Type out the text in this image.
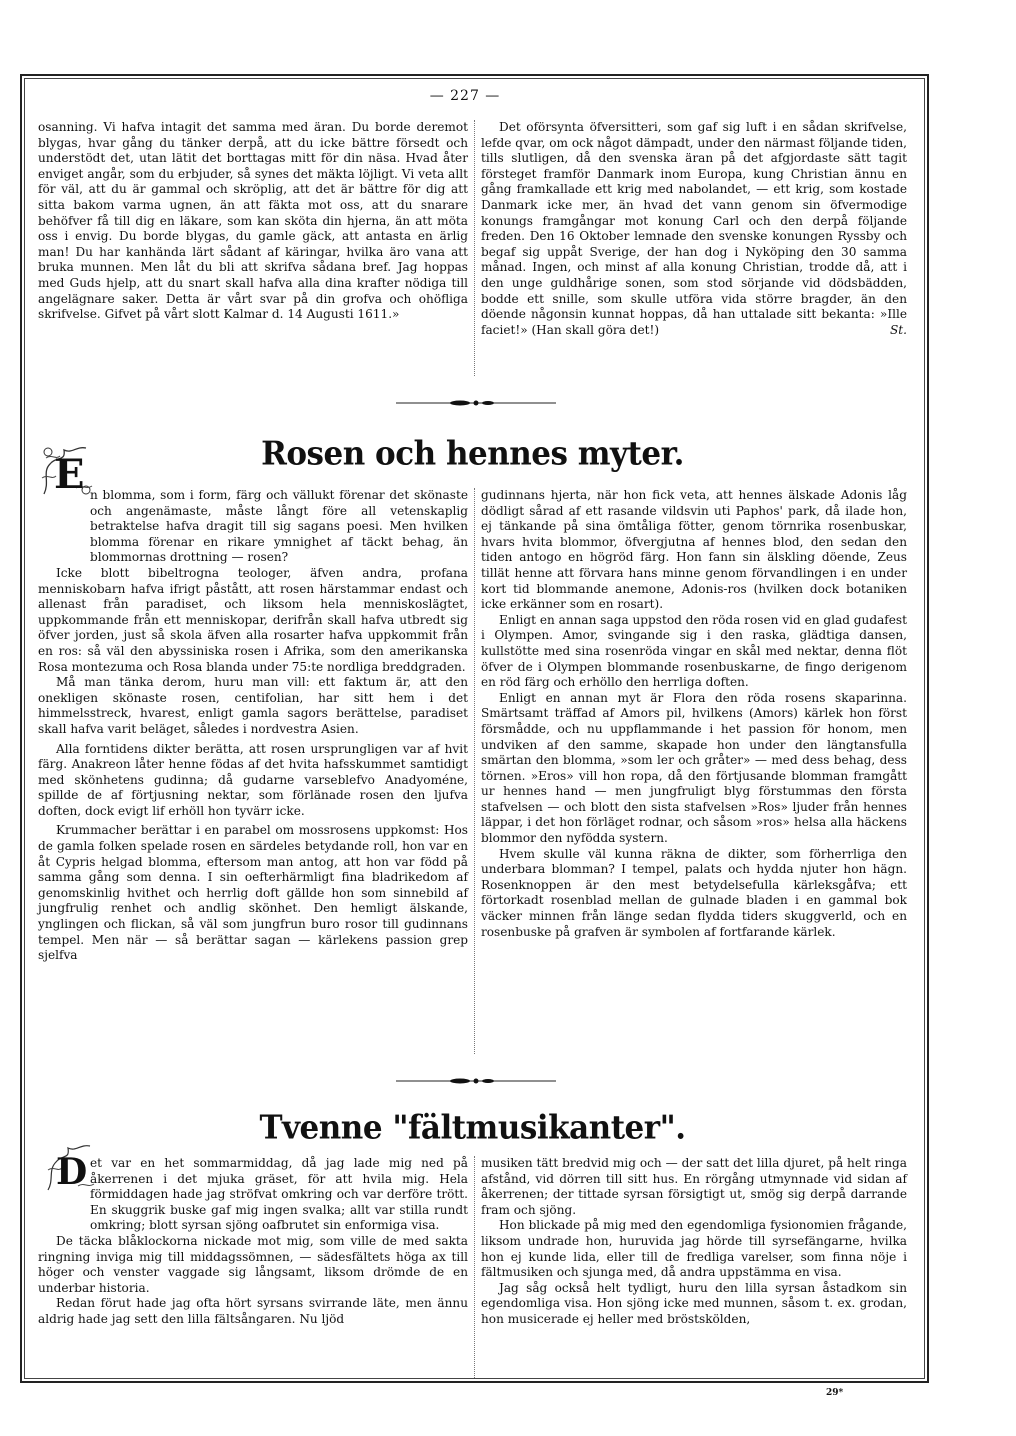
— 227 —

osanning. Vi hafva intagit det samma med äran. Du borde deremot blygas, hvar gång du tänker derpå, att du icke bättre försedt och understödt det, utan lätit det borttagas mitt för din näsa. Hvad åter enviget angår, som du erbjuder, så synes det mäkta löjligt. Vi veta allt för väl, att du är gammal och skröplig, att det är bättre för dig att sitta bakom varma ugnen, än att fäkta mot oss, att du snarare behöfver få till dig en läkare, som kan sköta din hjerna, än att möta oss i envig. Du borde blygas, du gamle gäck, att antasta en ärlig man! Du har kanhända lärt sådant af käringar, hvilka äro vana att bruka munnen. Men låt du bli att skrifva sådana bref. Jag hoppas med Guds hjelp, att du snart skall hafva alla dina krafter nödiga till angelägnare saker. Detta är vårt svar på din grofva och ohöfliga skrifvelse. Gifvet på vårt slott Kalmar d. 14 Augusti 1611.»

Det oförsynta öfversitteri, som gaf sig luft i en sådan skrifvelse, lefde qvar, om ock något dämpadt, under den närmast följande tiden, tills slutligen, då den svenska äran på det afgjordaste sätt tagit försteget framför Danmark inom Europa, kung Christian ännu en gång framkallade ett krig med nabolandet, — ett krig, som kostade Danmark icke mer, än hvad det vann genom sin öfvermodige konungs framgångar mot konung Carl och den derpå följande freden. Den 16 Oktober lemnade den svenske konungen Ryssby och begaf sig uppåt Sverige, der han dog i Nyköping den 30 samma månad. Ingen, och minst af alla konung Christian, trodde då, att i den unge guldhårige sonen, som stod sörjande vid dödsbädden, bodde ett snille, som skulle utföra vida större bragder, än den döende någonsin kunnat hoppas, då han uttalade sitt bekanta: »Ille faciet!» (Han skall göra det!)	St.
Rosen och hennes myter.
E n blomma, som i form, färg och vällukt förenar det skönaste och angenämaste, måste långt före all vetenskaplig betraktelse hafva dragit till sig sagans poesi. Men hvilken blomma förenar en rikare ymnighet af täckt behag, än blommornas drottning — rosen?

Icke blott bibeltrogna teologer, äfven andra, profana menniskobarn hafva ifrigt påstått, att rosen härstammar endast och allenast från paradiset, och liksom hela menniskoslägtet, uppkommande från ett menniskopar, derifrån skall hafva utbredt sig öfver jorden, just så skola äfven alla rosarter hafva uppkommit från en ros: så väl den abyssiniska rosen i Afrika, som den amerikanska Rosa montezuma och Rosa blanda under 75:te nordliga breddgraden.

Må man tänka derom, huru man vill: ett faktum är, att den onekligen skönaste rosen, centifolian, har sitt hem i det himmelsstreck, hvarest, enligt gamla sagors berättelse, paradiset skall hafva varit beläget, således i nordvestra Asien.

Alla forntidens dikter berätta, att rosen ursprungligen var af hvit färg. Anakreon låter henne födas af det hvita hafsskummet samtidigt med skönhetens gudinna; då gudarne varseblefvo Anadyoméne, spillde de af förtjusning nektar, som förlänade rosen den ljufva doften, dock evigt lif erhöll hon tyvärr icke.

Krummacher berättar i en parabel om mossrosens uppkomst: Hos de gamla folken spelade rosen en särdeles betydande roll, hon var en åt Cypris helgad blomma, eftersom man antog, att hon var född på samma gång som denna. I sin oefterhärmligt fina bladrikedom af genomskinlig hvithet och herrlig doft gällde hon som sinnebild af jungfrulig renhet och andlig skönhet. Den hemligt älskande, ynglingen och flickan, så väl som jungfrun buro rosor till gudinnans tempel. Men när — så berättar sagan — kärlekens passion grep sjelfva

gudinnans hjerta, när hon fick veta, att hennes älskade Adonis låg dödligt sårad af ett rasande vildsvin uti Paphos' park, då ilade hon, ej tänkande på sina ömtåliga fötter, genom törnrika rosenbuskar, hvars hvita blommor, öfvergjutna af hennes blod, den sedan den tiden antogo en högröd färg. Hon fann sin älskling döende, Zeus tillät henne att förvara hans minne genom förvandlingen i en under kort tid blommande anemone, Adonis-ros (hvilken dock botaniken icke erkänner som en rosart).

Enligt en annan saga uppstod den röda rosen vid en glad gudafest i Olympen. Amor, svingande sig i den raska, glädtiga dansen, kullstötte med sina rosenröda vingar en skål med nektar, denna flöt öfver de i Olympen blommande rosenbuskarne, de fingo derigenom en röd färg och erhöllo den herrliga doften.

Enligt en annan myt är Flora den röda rosens skaparinna. Smärtsamt träffad af Amors pil, hvilkens (Amors) kärlek hon först försmådde, och nu uppflammande i het passion för honom, men undviken af den samme, skapade hon under den längtansfulla smärtan den blomma, »som ler och gråter» — med dess behag, dess törnen. »Eros» vill hon ropa, då den förtjusande blomman framgått ur hennes hand — men jungfruligt blyg förstummas den första stafvelsen — och blott den sista stafvelsen »Ros» ljuder från hennes läppar, i det hon förläget rodnar, och såsom »ros» helsa alla häckens blommor den nyfödda systern.

Hvem skulle väl kunna räkna de dikter, som förherrliga den underbara blomman? I tempel, palats och hydda njuter hon hägn. Rosenknoppen är den mest betydelsefulla kärleksgåfva; ett förtorkadt rosenblad mellan de gulnade bladen i en gammal bok väcker minnen från länge sedan flydda tiders skuggverld, och en rosenbuske på grafven är symbolen af fortfarande kärlek.

Tvenne "fältmusikanter".
D et var en het sommarmiddag, då jag lade mig ned på åkerrenen i det mjuka gräset, för att hvila mig. Hela förmiddagen hade jag ströfvat omkring och var derföre trött. En skuggrik buske gaf mig ingen svalka; allt var stilla rundt omkring; blott syrsan sjöng oafbrutet sin enformiga visa.

De täcka blåklockorna nickade mot mig, som ville de med sakta ringning inviga mig till middagssömnen, — sädesfältets höga ax till höger och venster vaggade sig långsamt, liksom drömde de en underbar historia.

Redan förut hade jag ofta hört syrsans svirrande läte, men ännu aldrig hade jag sett den lilla fältsångaren. Nu ljöd

musiken tätt bredvid mig och — der satt det lilla djuret, på helt ringa afstånd, vid dörren till sitt hus. En rörgång utmynnade vid sidan af åkerrenen; der tittade syrsan försigtigt ut, smög sig derpå darrande fram och sjöng.

Hon blickade på mig med den egendomliga fysionomien frågande, liksom undrade hon, huruvida jag hörde till syrsefängarne, hvilka hon ej kunde lida, eller till de fredliga varelser, som finna nöje i fältmusiken och sjunga med, då andra uppstämma en visa.

Jag såg också helt tydligt, huru den lilla syrsan åstadkom sin egendomliga visa. Hon sjöng icke med munnen, såsom t. ex. grodan, hon musicerade ej heller med bröstskölden,

29*
